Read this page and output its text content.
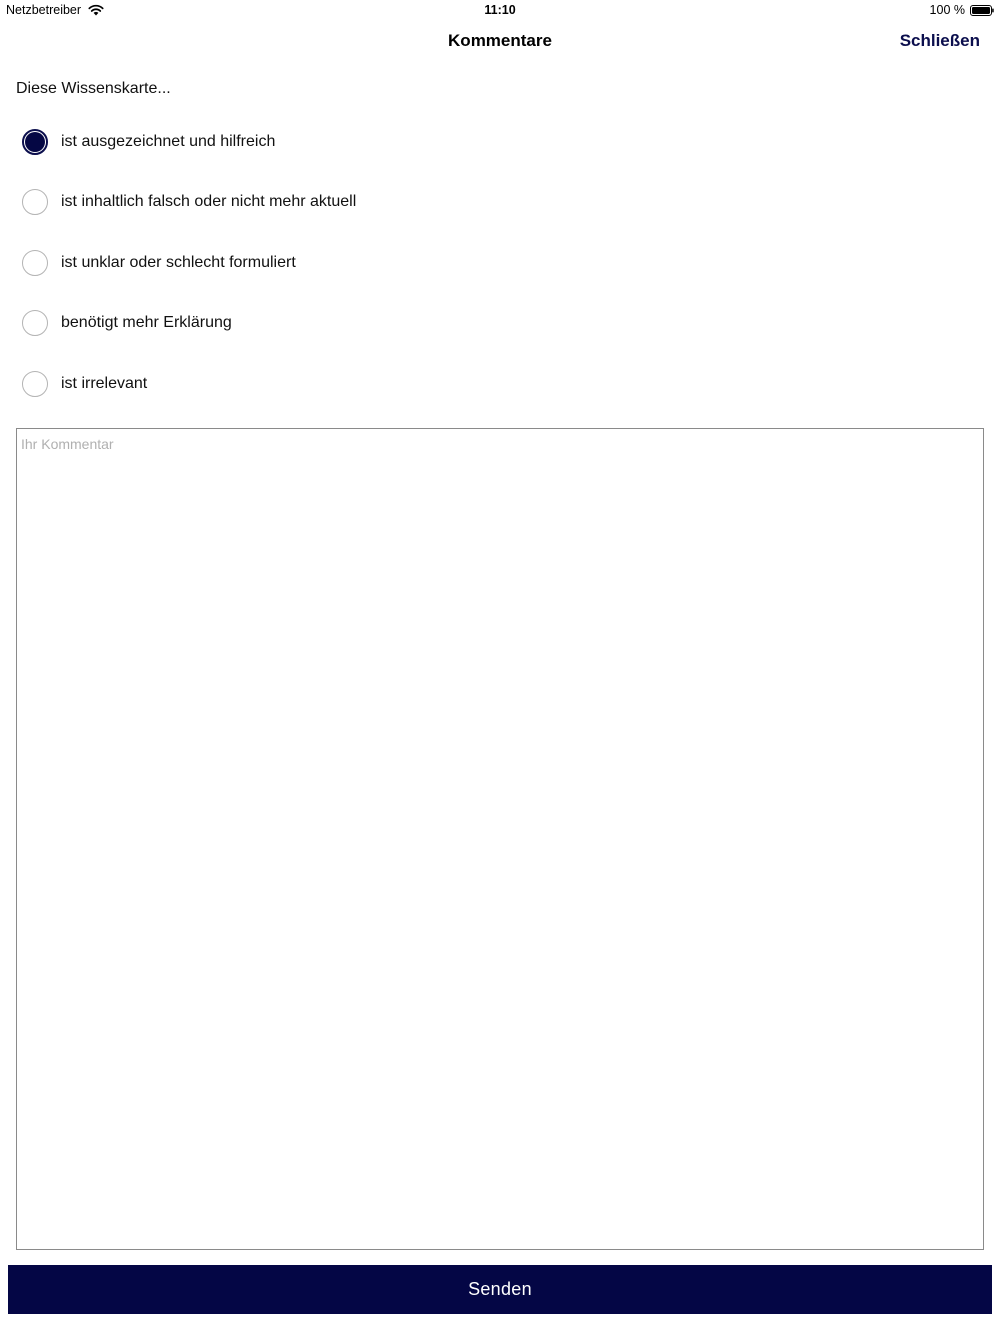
Netzbetreiber	11:10	100 %
Kommentare	Schließen
Diese Wissenskarte...
ist ausgezeichnet und hilfreich
ist inhaltlich falsch oder nicht mehr aktuell
ist unklar oder schlecht formuliert
benötigt mehr Erklärung
ist irrelevant
Ihr Kommentar
Senden
